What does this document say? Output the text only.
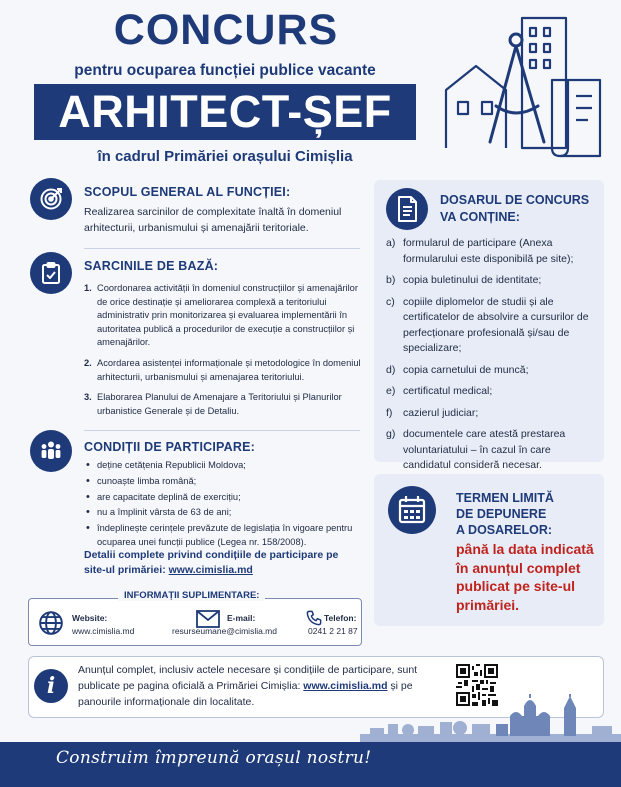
CONCURS
pentru ocuparea funcției publice vacante
ARHITECT-ȘEF
în cadrul Primăriei orașului Cimișlia
SCOPUL GENERAL AL FUNCȚIEI:
Realizarea sarcinilor de complexitate înaltă în domeniul arhitecturii, urbanismului și amenajării teritoriale.
SARCINILE DE BAZĂ:
1. Coordonarea activității în domeniul construcțiilor și amenajărilor de orice destinație și ameliorarea complexă a teritoriului administrativ prin monitorizarea și evaluarea implementării în autoritatea publică a procedurilor de execuție a construcțiilor și amenajărilor.
2. Acordarea asistenței informaționale și metodologice în domeniul arhitecturii, urbanismului și amenajarea teritoriului.
3. Elaborarea Planului de Amenajare a Teritoriului și Planurilor urbanistice Generale și de Detaliu.
CONDIȚII DE PARTICIPARE:
• deține cetățenia Republicii Moldova;
• cunoaște limba română;
• are capacitate deplină de exercițiu;
• nu a împlinit vârsta de 63 de ani;
• îndeplinește cerințele prevăzute de legislația în vigoare pentru ocuparea unei funcții publice (Legea nr. 158/2008).
Detalii complete privind condițiile de participare pe site-ul primăriei: www.cimislia.md
INFORMAȚII SUPLIMENTARE:
Website:
www.cimislia.md
E-mail:
resurseumane@cimislia.md
Telefon:
0241 2 21 87
DOSARUL DE CONCURS
VA CONȚINE:
a) formularul de participare (Anexa formularului este disponibilă pe site);
b) copia buletinului de identitate;
c) copiile diplomelor de studii și ale certificatelor de absolvire a cursurilor de perfecționare profesională și/sau de specializare;
d) copia carnetului de muncă;
e) certificatul medical;
f) cazierul judiciar;
g) documentele care atestă prestarea voluntariatului – în cazul în care candidatul consideră necesar.
TERMEN LIMITĂ
DE DEPUNERE
A DOSARELOR:
până la data indicată în anunțul complet publicat pe site-ul primăriei.
i
Anunțul complet, inclusiv actele necesare și condițiile de participare, sunt publicate pe pagina oficială a Primăriei Cimișlia: www.cimislia.md și pe panourile informaționale din localitate.
Construim împreună orașul nostru!
